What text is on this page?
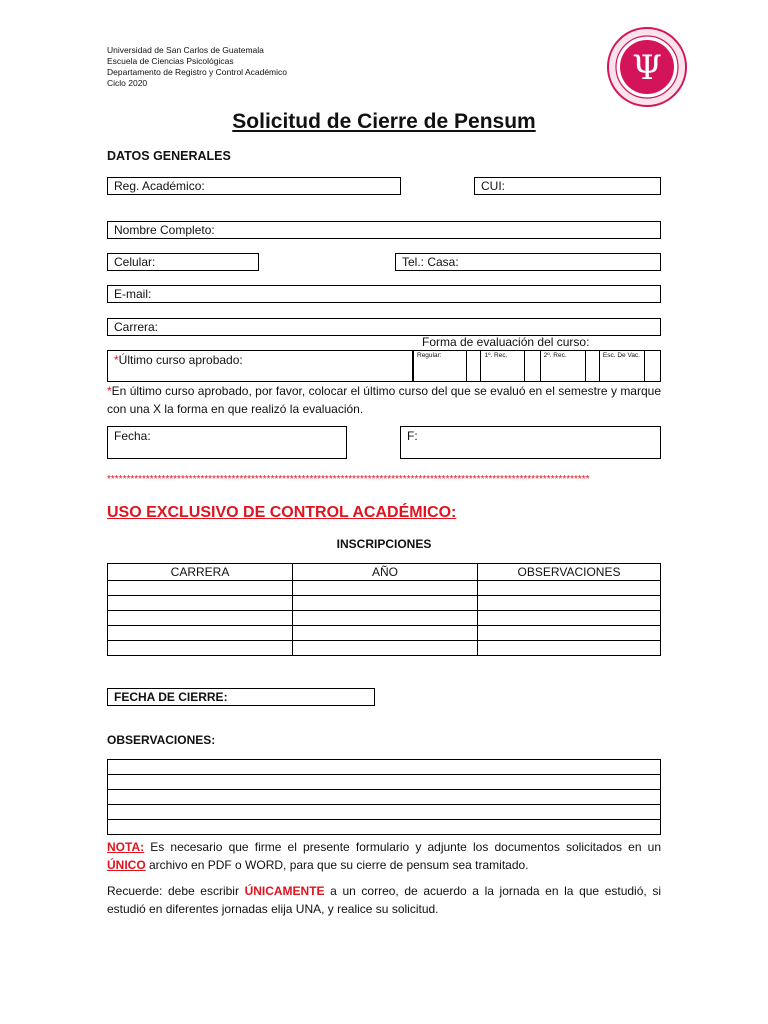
Universidad de San Carlos de Guatemala
Escuela de Ciencias Psicológicas
Departamento de Registro y Control Académico
Ciclo 2020	Ψ
Solicitud de Cierre de Pensum
DATOS GENERALES
Reg. Académico:	CUI:
Nombre Completo:
Celular:	Tel.: Casa:
E-mail:
Carrera:
Forma de evaluación del curso:
*Último curso aprobado:	Regular:		1º. Rec.		2º. Rec.		Esc. De Vac.	
*En último curso aprobado, por favor, colocar el último curso del que se evaluó en el semestre y marque con una X la forma en que realizó la evaluación.
Fecha:	F:
****************************************************************************************************************************
USO EXCLUSIVO DE CONTROL ACADÉMICO:
INSCRIPCIONES
CARRERA	AÑO	OBSERVACIONES

FECHA DE CIERRE:
OBSERVACIONES:

NOTA: Es necesario que firme el presente formulario y adjunte los documentos solicitados en un ÚNICO archivo en PDF o WORD, para que su cierre de pensum sea tramitado.
Recuerde: debe escribir ÚNICAMENTE a un correo, de acuerdo a la jornada en la que estudió, si estudió en diferentes jornadas elija UNA, y realice su solicitud.
